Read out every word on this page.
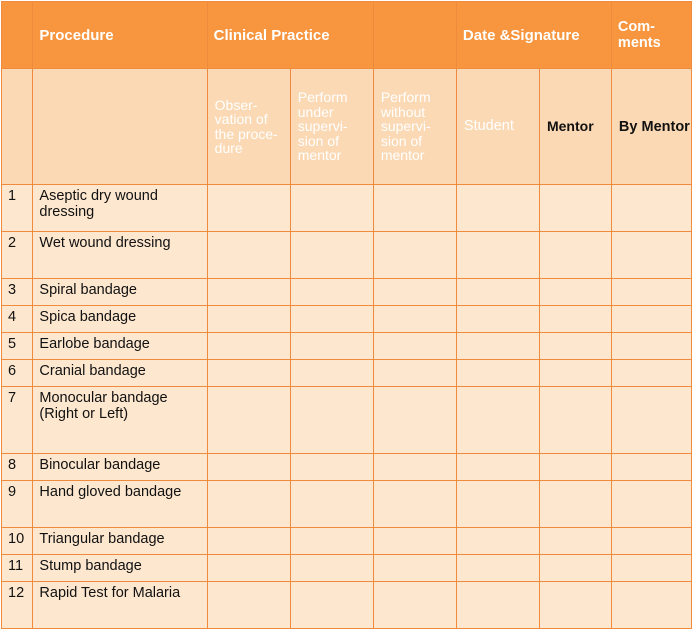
	Procedure	Clinical Practice			Date &Signature		Com-ments
		Obser-vation of the proce-dure	Perform under supervi-sion of mentor	Perform without supervi-sion of mentor	Student	Mentor	By Mentor
1	Aseptic dry wound dressing						
2	Wet wound dressing						
3	Spiral bandage						
4	Spica bandage						
5	Earlobe bandage						
6	Cranial bandage						
7	Monocular bandage (Right or Left)						
8	Binocular bandage						
9	Hand gloved bandage						
10	Triangular bandage						
11	Stump bandage						
12	Rapid Test for Malaria						
